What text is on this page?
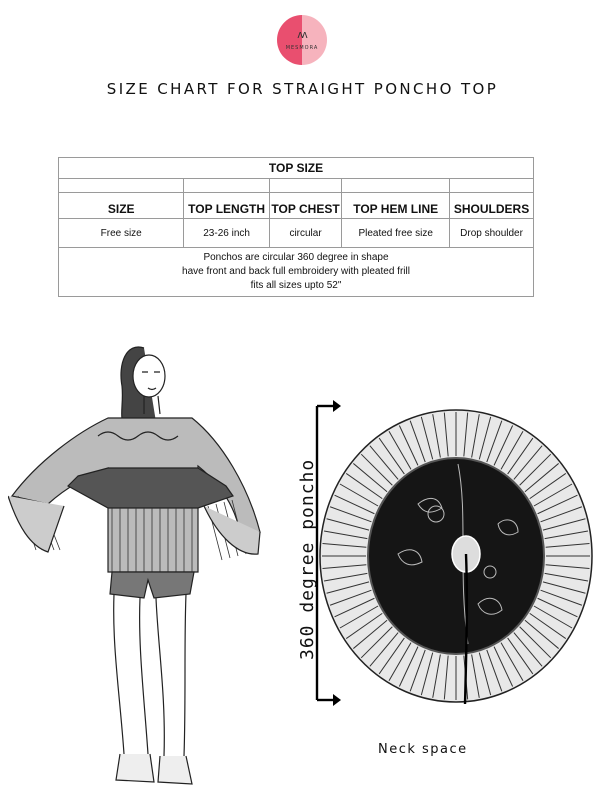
ʌʌ
MESMORA
SIZE CHART FOR STRAIGHT PONCHO TOP
TOP SIZE				

SIZE	TOP LENGTH	TOP CHEST	TOP HEM LINE	SHOULDERS
Free size	23-26 inch	circular	Pleated free size	Drop shoulder

Ponchos are circular 360 degree in shape
have front and back full embroidery with pleated frill
fits all sizes upto 52"				
360 degree poncho
Neck space
